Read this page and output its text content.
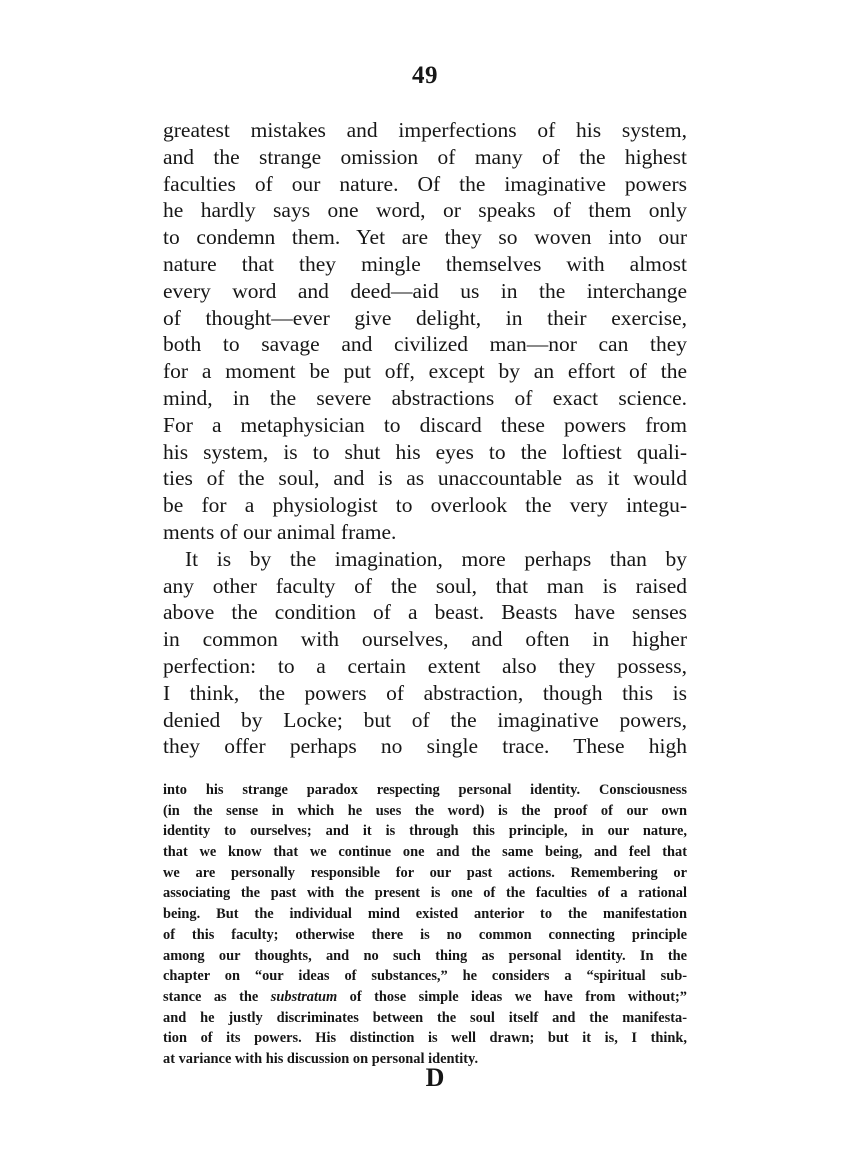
49
greatest mistakes and imperfections of his system,
and the strange omission of many of the highest
faculties of our nature. Of the imaginative powers
he hardly says one word, or speaks of them only
to condemn them. Yet are they so woven into our
nature that they mingle themselves with almost
every word and deed—aid us in the interchange
of thought—ever give delight, in their exercise,
both to savage and civilized man—nor can they
for a moment be put off, except by an effort of the
mind, in the severe abstractions of exact science.
For a metaphysician to discard these powers from
his system, is to shut his eyes to the loftiest quali-
ties of the soul, and is as unaccountable as it would
be for a physiologist to overlook the very integu-
ments of our animal frame.
It is by the imagination, more perhaps than by
any other faculty of the soul, that man is raised
above the condition of a beast. Beasts have senses
in common with ourselves, and often in higher
perfection: to a certain extent also they possess,
I think, the powers of abstraction, though this is
denied by Locke; but of the imaginative powers,
they offer perhaps no single trace. These high
into his strange paradox respecting personal identity. Consciousness
(in the sense in which he uses the word) is the proof of our own
identity to ourselves; and it is through this principle, in our nature,
that we know that we continue one and the same being, and feel that
we are personally responsible for our past actions. Remembering or
associating the past with the present is one of the faculties of a rational
being. But the individual mind existed anterior to the manifestation
of this faculty; otherwise there is no common connecting principle
among our thoughts, and no such thing as personal identity. In the
chapter on “our ideas of substances,” he considers a “spiritual sub-
stance as the substratum of those simple ideas we have from without;”
and he justly discriminates between the soul itself and the manifesta-
tion of its powers. His distinction is well drawn; but it is, I think,
at variance with his discussion on personal identity.
D
